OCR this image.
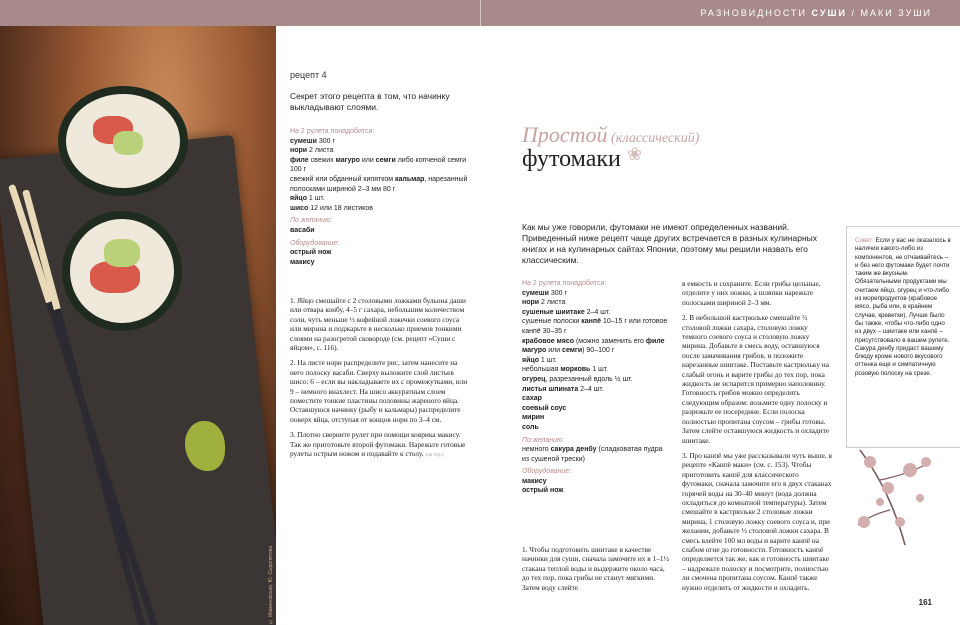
РАЗНОВИДНОСТИ СУШИ / МАКИ ЗУШИ
© Мамоновская, Ю. Сыропятова
рецепт 4
Секрет этого рецепта в том, что начинку выкладывают слоями.
На 2 рулета понадобится:
сумеши 300 г
нори 2 листа
филе свежих магуро или семги либо копченой семги 100 г
свежий или обданный кипятком кальмар, нарезанный полосками шириной 2–3 мм 80 г
яйцо 1 шт.
шисо 12 или 18 листиков
По желанию:
васаби
Оборудование:
острый нож
макису

1. Яйцо смешайте с 2 столовыми ложками бульона даши или отвара конбу, 4–5 г сахара, небольшим количеством соли, чуть меньше ½ кофейной ложечки соевого соуса или мирина и поджарьте в несколько приемов тонкими слоями на разогретой сковороде (см. рецепт «Суши с яйцом», с. 116).

2. На листе нори распределите рис, затем нанесите на него полоску васаби. Сверху выложите слой листьев шисо: 6 – если вы накладываете их с промежутками, или 9 – немного внахлест. На шисо аккуратным слоем поместите тонкие пластины половины жареного яйца. Оставшуюся начинку (рыбу и кальмары) распределите поверх яйца, отступая от концов нори по 3–4 см.

3. Плотно сверните рулет при помощи коврика макису. Так же приготовьте второй футомаки. Нарежьте готовые рулеты острым ножом и подавайте к столу. (по стр.)

Простой (классический)
футомаки ❀
Как мы уже говорили, футомаки не имеют определенных названий. Приведенный ниже рецепт чаще других встречается в разных кулинарных книгах и на кулинарных сайтах Японии, поэтому мы решили назвать его классическим.
На 2 рулета понадобится:
сумеши 300 г
нори 2 листа
сушеные шиитаке 2–4 шт.
сушеные полоски канпё 10–15 г или готовое канпё 30–35 г
крабовое мясо (можно заменить его филе магуро или семги) 90–100 г
яйцо 1 шт.
небольшая морковь 1 шт.
огурец, разрезанный вдоль ½ шт.
листья шпината 2–4 шт.
сахар
соевый соус
мирин
соль
По желанию:
немного сакура денбу (сладковатая пудра из сушеной трески)
Оборудование:
макису
острый нож
1. Чтобы подготовить шиитаке в качестве начинки для суши, сначала замочите их в 1–1½ стакана теплой воды и выдержите около часа, до тех пор, пока грибы не станут мягкими. Затем воду слейте

в емкость и сохраните. Если грибы цельные, отделите у них ножки, а шляпки нарежьте полосками шириной 2–3 мм.

2. В небольшой кастрюльке смешайте ½ столовой ложки сахара, столовую ложку темного соевого соуса и столовую ложку мирина. Добавьте в смесь воду, оставшуюся после замачивания грибов, и положите нарезанные шиитаке. Поставьте кастрюльку на слабый огонь и варите грибы до тех пор, пока жидкость не испарится примерно наполовину. Готовность грибов можно определить следующим образом: возьмите одну полоску и разрежьте ее посередине. Если полоска полностью пропитана соусом – грибы готовы. Затем слейте оставшуюся жидкость и охладите шиитаке.

3. Про канпё мы уже рассказывали чуть выше, в рецепте «Канпё маки» (см. с. 153). Чтобы приготовить канпё для классического футомаки, сначала замочите его в двух стаканах горячей воды на 30–40 минут (вода должна охладиться до комнатной температуры). Затем смешайте в кастрюльке 2 столовые ложки мирина, 1 столовую ложку соевого соуса и, при желании, добавьте ½ столовой ложки сахара. В смесь влейте 100 мл воды и варите канпё на слабом огне до готовности. Готовность канпё определяется так же, как и готовность шиитаке – надрежьте полоску и посмотрите, полностью ли смоченa пропитана соусом. Канпё также нужно отделить от жидкости и охладить.

Совет: Если у вас не оказалось в наличии какого-либо из компонентов, не отчаивайтесь – и без него футомаки будет почти таким же вкусным. Обязательными продуктами мы считаем яйцо, огурец и что-либо из морепродуктов (крабовое мясо, рыба или, в крайнем случае, креветки). Лучше было бы также, чтобы что-либо одно из двух – шиитаке или канпё – присутствовало в вашем рулете. Сакура денбу придаст вашему блюду кроме нового вкусового оттенка еще и симпатичную розовую полоску на срезе.
161
